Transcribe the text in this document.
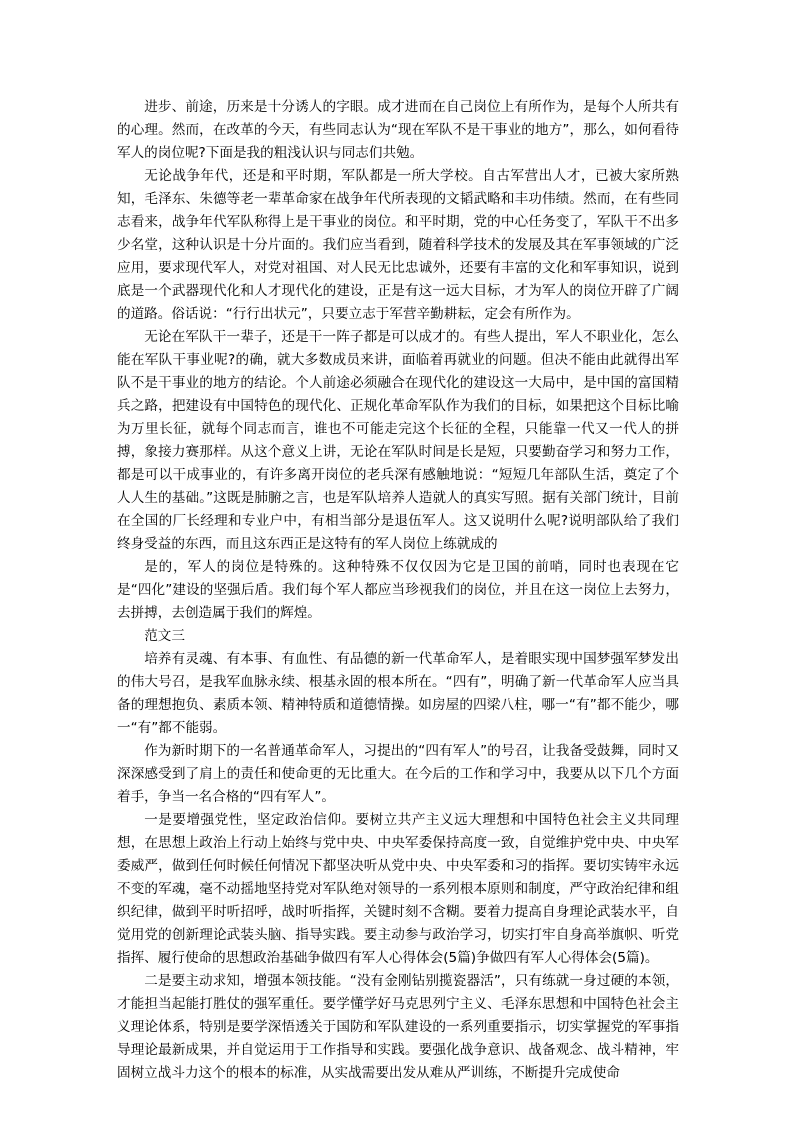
进步、前途，历来是十分诱人的字眼。成才进而在自己岗位上有所作为，是每个人所共有的心理。然而，在改革的今天，有些同志认为“现在军队不是干事业的地方”，那么，如何看待军人的岗位呢?下面是我的粗浅认识与同志们共勉。

无论战争年代，还是和平时期，军队都是一所大学校。自古军营出人才，已被大家所熟知，毛泽东、朱德等老一辈革命家在战争年代所表现的文韬武略和丰功伟绩。然而，在有些同志看来，战争年代军队称得上是干事业的岗位。和平时期，党的中心任务变了，军队干不出多少名堂，这种认识是十分片面的。我们应当看到，随着科学技术的发展及其在军事领域的广泛应用，要求现代军人，对党对祖国、对人民无比忠诚外，还要有丰富的文化和军事知识，说到底是一个武器现代化和人才现代化的建设，正是有这一远大目标，才为军人的岗位开辟了广阔的道路。俗话说：“行行出状元”，只要立志于军营辛勤耕耘，定会有所作为。

无论在军队干一辈子，还是干一阵子都是可以成才的。有些人提出，军人不职业化，怎么能在军队干事业呢?的确，就大多数成员来讲，面临着再就业的问题。但决不能由此就得出军队不是干事业的地方的结论。个人前途必须融合在现代化的建设这一大局中，是中国的富国精兵之路，把建设有中国特色的现代化、正规化革命军队作为我们的目标，如果把这个目标比喻为万里长征，就每个同志而言，谁也不可能走完这个长征的全程，只能靠一代又一代人的拼搏，象接力赛那样。从这个意义上讲，无论在军队时间是长是短，只要勤奋学习和努力工作，都是可以干成事业的，有许多离开岗位的老兵深有感触地说：“短短几年部队生活，奠定了个人人生的基础。”这既是肺腑之言，也是军队培养人造就人的真实写照。据有关部门统计，目前在全国的厂长经理和专业户中，有相当部分是退伍军人。这又说明什么呢?说明部队给了我们终身受益的东西，而且这东西正是这特有的军人岗位上练就成的

是的，军人的岗位是特殊的。这种特殊不仅仅因为它是卫国的前哨，同时也表现在它是“四化”建设的坚强后盾。我们每个军人都应当珍视我们的岗位，并且在这一岗位上去努力，去拼搏，去创造属于我们的辉煌。

范文三

培养有灵魂、有本事、有血性、有品德的新一代革命军人，是着眼实现中国梦强军梦发出的伟大号召，是我军血脉永续、根基永固的根本所在。“四有”，明确了新一代革命军人应当具备的理想抱负、素质本领、精神特质和道德情操。如房屋的四梁八柱，哪一“有”都不能少，哪一“有”都不能弱。

作为新时期下的一名普通革命军人，习提出的“四有军人”的号召，让我备受鼓舞，同时又深深感受到了肩上的责任和使命更的无比重大。在今后的工作和学习中，我要从以下几个方面着手，争当一名合格的“四有军人”。

一是要增强党性，坚定政治信仰。要树立共产主义远大理想和中国特色社会主义共同理想，在思想上政治上行动上始终与党中央、中央军委保持高度一致，自觉维护党中央、中央军委威严，做到任何时候任何情况下都坚决听从党中央、中央军委和习的指挥。要切实铸牢永远不变的军魂，毫不动摇地坚持党对军队绝对领导的一系列根本原则和制度，严守政治纪律和组织纪律，做到平时听招呼，战时听指挥，关键时刻不含糊。要着力提高自身理论武装水平，自觉用党的创新理论武装头脑、指导实践。要主动参与政治学习，切实打牢自身高举旗帜、听党指挥、履行使命的思想政治基础争做四有军人心得体会(5篇)争做四有军人心得体会(5篇)。

二是要主动求知，增强本领技能。“没有金刚钻别揽瓷器活”，只有练就一身过硬的本领，才能担当起能打胜仗的强军重任。要学懂学好马克思列宁主义、毛泽东思想和中国特色社会主义理论体系，特别是要学深悟透关于国防和军队建设的一系列重要指示，切实掌握党的军事指导理论最新成果，并自觉运用于工作指导和实践。要强化战争意识、战备观念、战斗精神，牢固树立战斗力这个的根本的标准，从实战需要出发从难从严训练，不断提升完成使命
